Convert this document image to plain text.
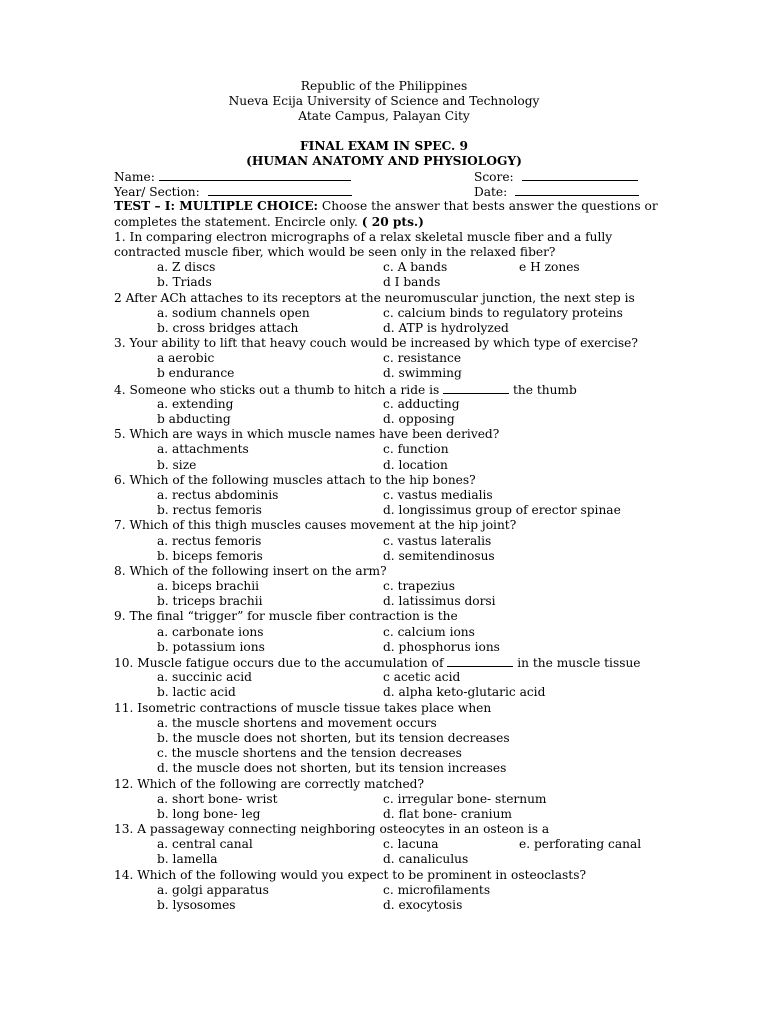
Republic of the Philippines
Nueva Ecija University of Science and Technology
Atate Campus, Palayan City
FINAL EXAM IN SPEC. 9
(HUMAN ANATOMY AND PHYSIOLOGY)
Name:	Score:
Year/ Section:	Date:
TEST – I: MULTIPLE CHOICE: Choose the answer that bests answer the questions or
completes the statement. Encircle only. ( 20 pts.)
1. In comparing electron micrographs of a relax skeletal muscle fiber and a fully
contracted muscle fiber, which would be seen only in the relaxed fiber?
a. Z discs	c. A bands	e H zones
b. Triads	d I bands
2 After ACh attaches to its receptors at the neuromuscular junction, the next step is
a. sodium channels open	c. calcium binds to regulatory proteins
b. cross bridges attach	d. ATP is hydrolyzed
3. Your ability to lift that heavy couch would be increased by which type of exercise?
a aerobic	c. resistance
b endurance	d. swimming
4. Someone who sticks out a thumb to hitch a ride is	the thumb
a. extending	c. adducting
b abducting	d. opposing
5. Which are ways in which muscle names have been derived?
a. attachments	c. function
b. size	d. location
6. Which of the following muscles attach to the hip bones?
a. rectus abdominis	c. vastus medialis
b. rectus femoris	d. longissimus group of erector spinae
7. Which of this thigh muscles causes movement at the hip joint?
a. rectus femoris	c. vastus lateralis
b. biceps femoris	d. semitendinosus
8. Which of the following insert on the arm?
a. biceps brachii	c. trapezius
b. triceps brachii	d. latissimus dorsi
9. The final “trigger” for muscle fiber contraction is the
a. carbonate ions	c. calcium ions
b. potassium ions	d. phosphorus ions
10. Muscle fatigue occurs due to the accumulation of	in the muscle tissue
a. succinic acid	c acetic acid
b. lactic acid	d. alpha keto-glutaric acid
11. Isometric contractions of muscle tissue takes place when
a. the muscle shortens and movement occurs
b. the muscle does not shorten, but its tension decreases
c. the muscle shortens and the tension decreases
d. the muscle does not shorten, but its tension increases
12. Which of the following are correctly matched?
a. short bone- wrist	c. irregular bone- sternum
b. long bone- leg	d. flat bone- cranium
13. A passageway connecting neighboring osteocytes in an osteon is a
a. central canal	c. lacuna	e. perforating canal
b. lamella	d. canaliculus
14. Which of the following would you expect to be prominent in osteoclasts?
a. golgi apparatus	c. microfilaments
b. lysosomes	d. exocytosis
